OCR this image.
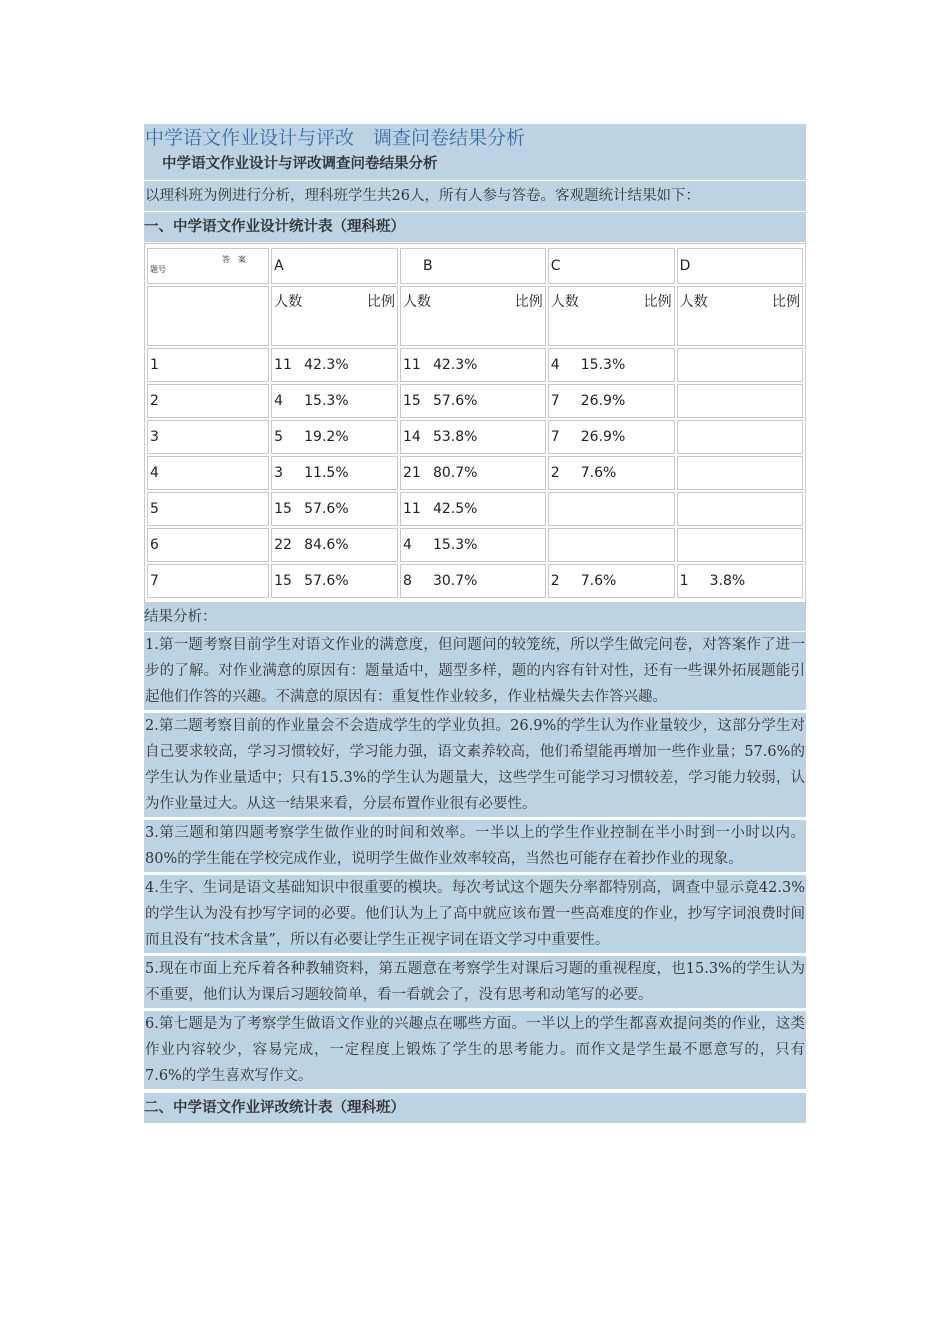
中学语文作业设计与评改　调查问卷结果分析
中学语文作业设计与评改调查问卷结果分析
以理科班为例进行分析，理科班学生共26人，所有人参与答卷。客观题统计结果如下：
一、中学语文作业设计统计表（理科班）
答　案
题号	A	B	C	D

	人数 比例	人数 比例	人数 比例	人数 比例

1	11 42.3%	11 42.3%	4 15.3%	
2	4 15.3%	15 57.6%	7 26.9%	
3	5 19.2%	14 53.8%	7 26.9%	
4	3 11.5%	21 80.7%	2 7.6%	
5	15 57.6%	11 42.5%		
6	22 84.6%	4 15.3%		
7	15 57.6%	8 30.7%	2 7.6%	1 3.8%
结果分析：
1.第一题考察目前学生对语文作业的满意度，但问题问的较笼统，所以学生做完问卷，对答案作了进一步的了解。对作业满意的原因有：题量适中，题型多样，题的内容有针对性，还有一些课外拓展题能引起他们作答的兴趣。不满意的原因有：重复性作业较多，作业枯燥失去作答兴趣。
2.第二题考察目前的作业量会不会造成学生的学业负担。26.9%的学生认为作业量较少，这部分学生对自己要求较高，学习习惯较好，学习能力强，语文素养较高，他们希望能再增加一些作业量；57.6%的学生认为作业量适中；只有15.3%的学生认为题量大，这些学生可能学习习惯较差，学习能力较弱，认为作业量过大。从这一结果来看，分层布置作业很有必要性。
3.第三题和第四题考察学生做作业的时间和效率。一半以上的学生作业控制在半小时到一小时以内。80%的学生能在学校完成作业，说明学生做作业效率较高，当然也可能存在着抄作业的现象。
4.生字、生词是语文基础知识中很重要的模块。每次考试这个题失分率都特别高，调查中显示竟42.3%的学生认为没有抄写字词的必要。他们认为上了高中就应该布置一些高难度的作业，抄写字词浪费时间而且没有“技术含量”，所以有必要让学生正视字词在语文学习中重要性。
5.现在市面上充斥着各种教辅资料，第五题意在考察学生对课后习题的重视程度，也15.3%的学生认为不重要，他们认为课后习题较简单，看一看就会了，没有思考和动笔写的必要。
6.第七题是为了考察学生做语文作业的兴趣点在哪些方面。一半以上的学生都喜欢提问类的作业，这类作业内容较少，容易完成，一定程度上锻炼了学生的思考能力。而作文是学生最不愿意写的，只有7.6%的学生喜欢写作文。
二、中学语文作业评改统计表（理科班）
